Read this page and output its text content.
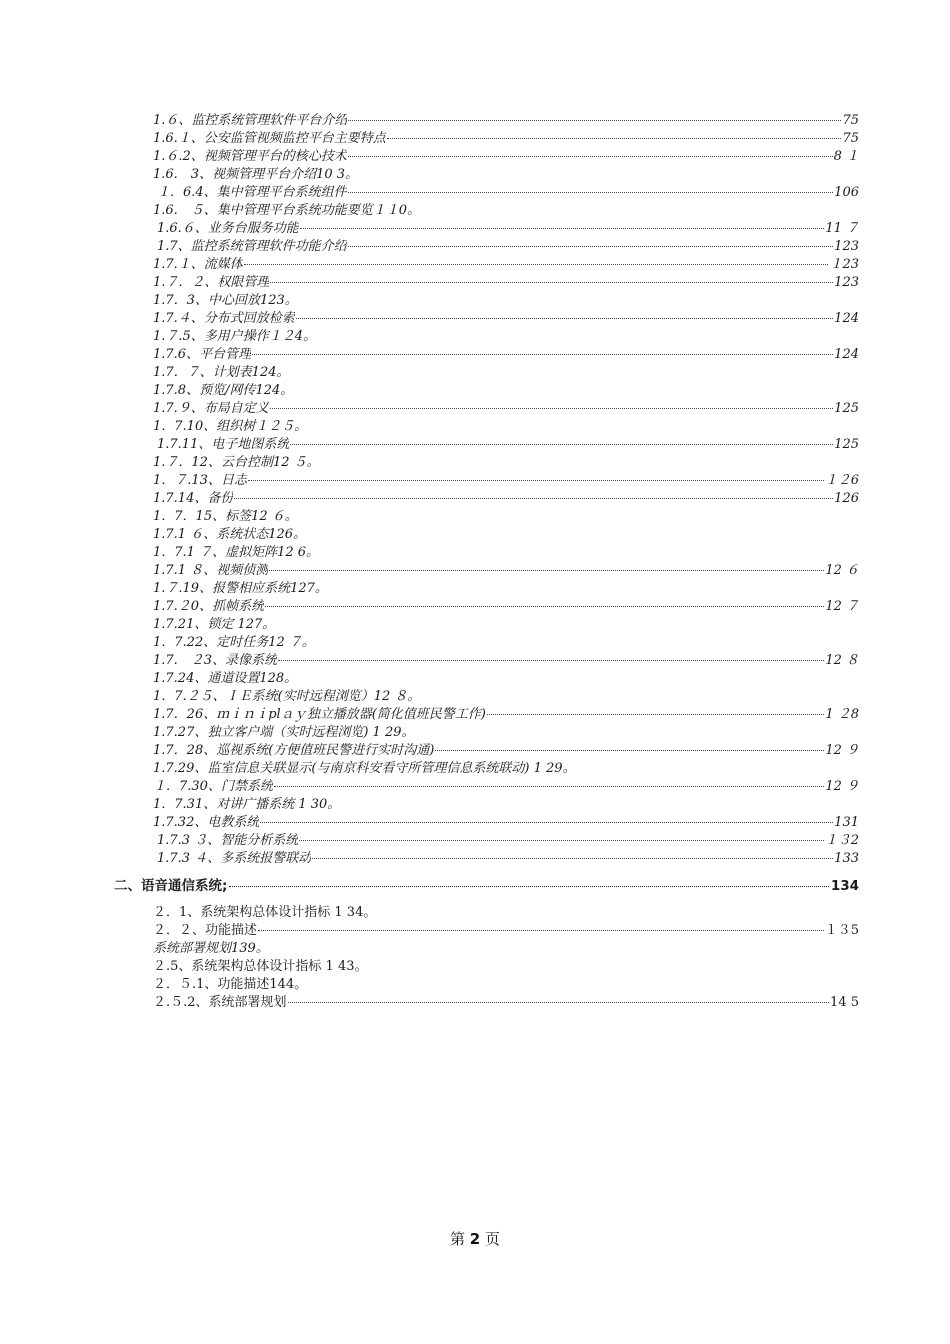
1.６、监控系统管理软件平台介绍	75
1.6.１、公安监管视频监控平台主要特点	75
1.６.2、视频管理平台的核心技术	8 １
1.6.　3、视频管理平台介绍10 3。
１．6.4、集中管理平台系统组件	106
1.6.　５、集中管理平台系统功能要览１１0。
1.6.６、业务台服务功能	11 ７
1.7、监控系统管理软件功能介绍	123
1.7.１、流媒体	１23
1.７．２、权限管理	123
1.7．3、中心回放123。
1.7.４、分布式回放检索	124
1.７.5、多用户操作１２4。
1.7.6、平台管理	124
1.7．７、计划表124。
1.7.8、预览/网传124。
1.7.９、布局自定义	125
1．7.10、组织树１２５。
1.7.11、电子地图系统	125
1.７．12、云台控制12 ５。
1．７.13、日志	１２6
1.7.14、备份	126
1．7．15、标签12 ６。
1.7.1 ６、系统状态126。
1．7.1 ７、虚拟矩阵12 6。
1.7.1 ８、视频侦测	12 ６
1.７.19、报警相应系统127。
1.7.２0、抓帧系统	12 ７
1.7.21、锁定 127。
1．7.22、定时任务12 ７。
1.7.　２3、录像系统	12 ８
1.7.24、通道设置128。
1．7.２５、ＩＥ系统(实时远程浏览）12 ８。
1.7．26、ｍｉｎｉplａｙ独立播放器(简化值班民警工作)	1 ２8
1.7.27、独立客户端（实时远程浏览) 1 29。
1.7．28、巡视系统(方便值班民警进行实时沟通)	12 ９
1.7.29、监室信息关联显示(与南京科安看守所管理信息系统联动) 1 29。
１．7.30、门禁系统	12 ９
1．7.31、对讲广播系统 1 30。
1.7.32、电教系统	131
1.7.3 ３、智能分析系统	１３2
1.7.3 ４、多系统报警联动	133
二、语音通信系统;	134
２．1、系统架构总体设计指标 1 34。
２．２、功能描述	１３5
系统部署规划139。
２.5、系统架构总体设计指标 1 43。
２．５.1、功能描述144。
２.５.2、系统部署规划	14 5
第 2 页
